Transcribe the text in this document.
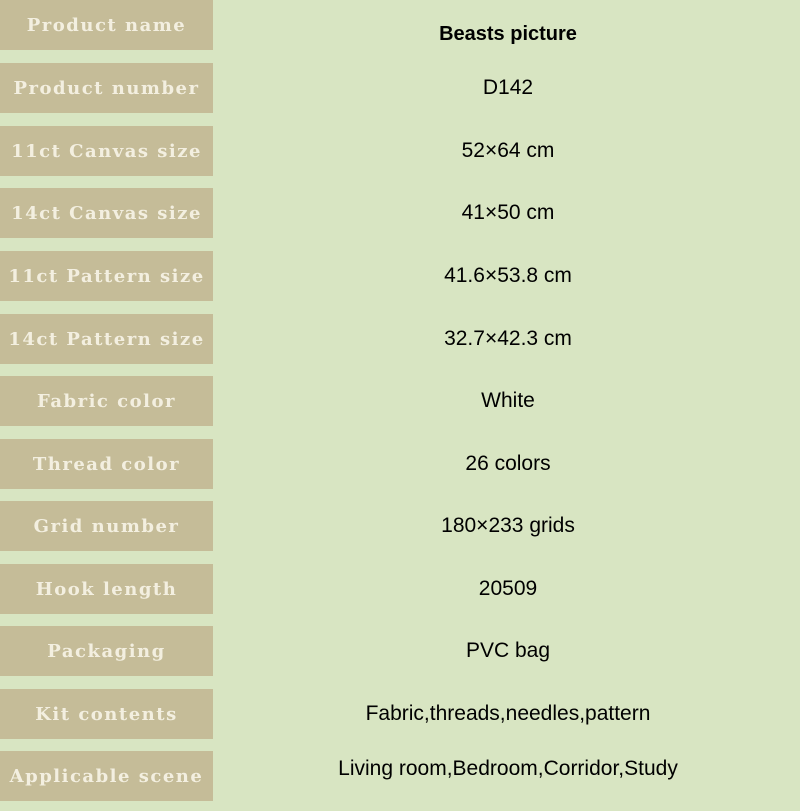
Product name	Beasts picture
Product number	D142
11ct Canvas size	52×64 cm
14ct Canvas size	41×50 cm
11ct Pattern size	41.6×53.8 cm
14ct Pattern size	32.7×42.3 cm
Fabric color	White
Thread color	26 colors
Grid number	180×233 grids
Hook length	20509
Packaging	PVC bag
Kit contents	Fabric,threads,needles,pattern
Applicable scene	Living room,Bedroom,Corridor,Study
